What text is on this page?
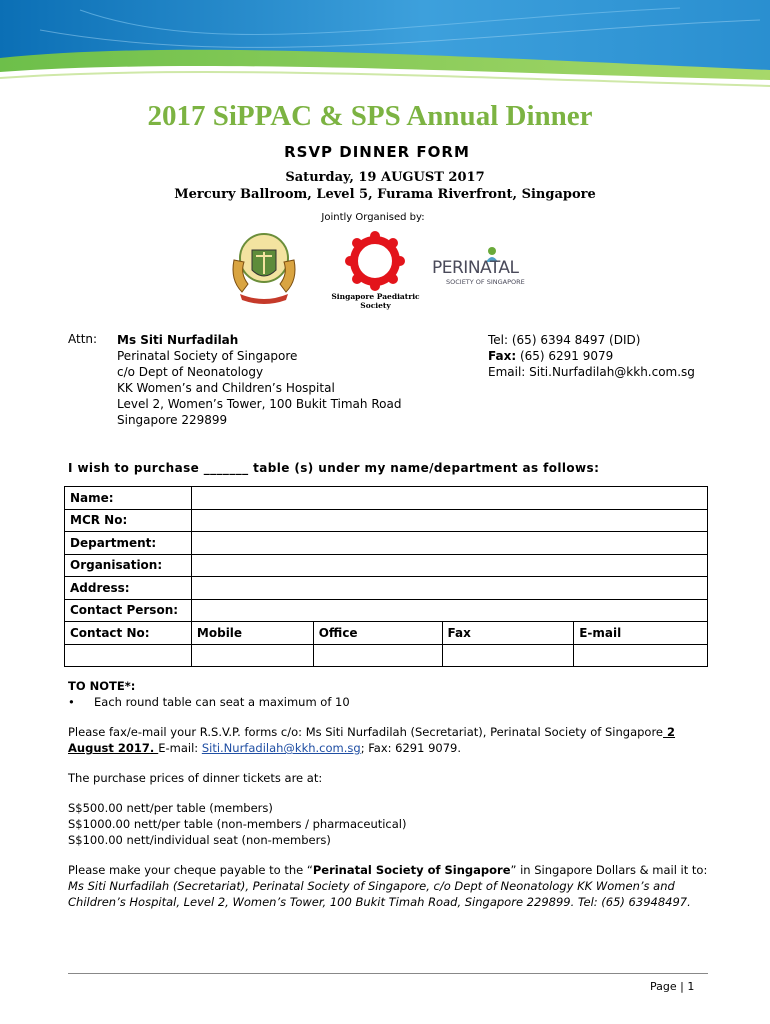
2017 SiPPAC & SPS Annual Dinner
RSVP DINNER FORM
Saturday, 19 AUGUST 2017
Mercury Ballroom, Level 5, Furama Riverfront, Singapore
Jointly Organised by:
Singapore Paediatric Society
PERINATAL
SOCIETY OF SINGAPORE
Attn: Ms Siti Nurfadilah
Perinatal Society of Singapore
c/o Dept of Neonatology
KK Women’s and Children’s Hospital
Level 2, Women’s Tower, 100 Bukit Timah Road
Singapore 229899
Tel: (65) 6394 8497 (DID)
Fax: (65) 6291 9079
Email: Siti.Nurfadilah@kkh.com.sg
I wish to purchase _______ table (s) under my name/department as follows:
Name:				
MCR No:				
Department:				
Organisation:				
Address:				
Contact Person:				
Contact No:	Mobile	Office	Fax	E-mail

TO NOTE*:
• Each round table can seat a maximum of 10
Please fax/e-mail your R.S.V.P. forms c/o: Ms Siti Nurfadilah (Secretariat), Perinatal Society of Singapore 2 August 2017. E-mail: Siti.Nurfadilah@kkh.com.sg; Fax: 6291 9079.
The purchase prices of dinner tickets are at:
S$500.00 nett/per table (members)
S$1000.00 nett/per table (non-members / pharmaceutical)
S$100.00 nett/individual seat (non-members)
Please make your cheque payable to the “Perinatal Society of Singapore” in Singapore Dollars & mail it to: Ms Siti Nurfadilah (Secretariat), Perinatal Society of Singapore, c/o Dept of Neonatology KK Women’s and Children’s Hospital, Level 2, Women’s Tower, 100 Bukit Timah Road, Singapore 229899. Tel: (65) 63948497.
Page | 1
